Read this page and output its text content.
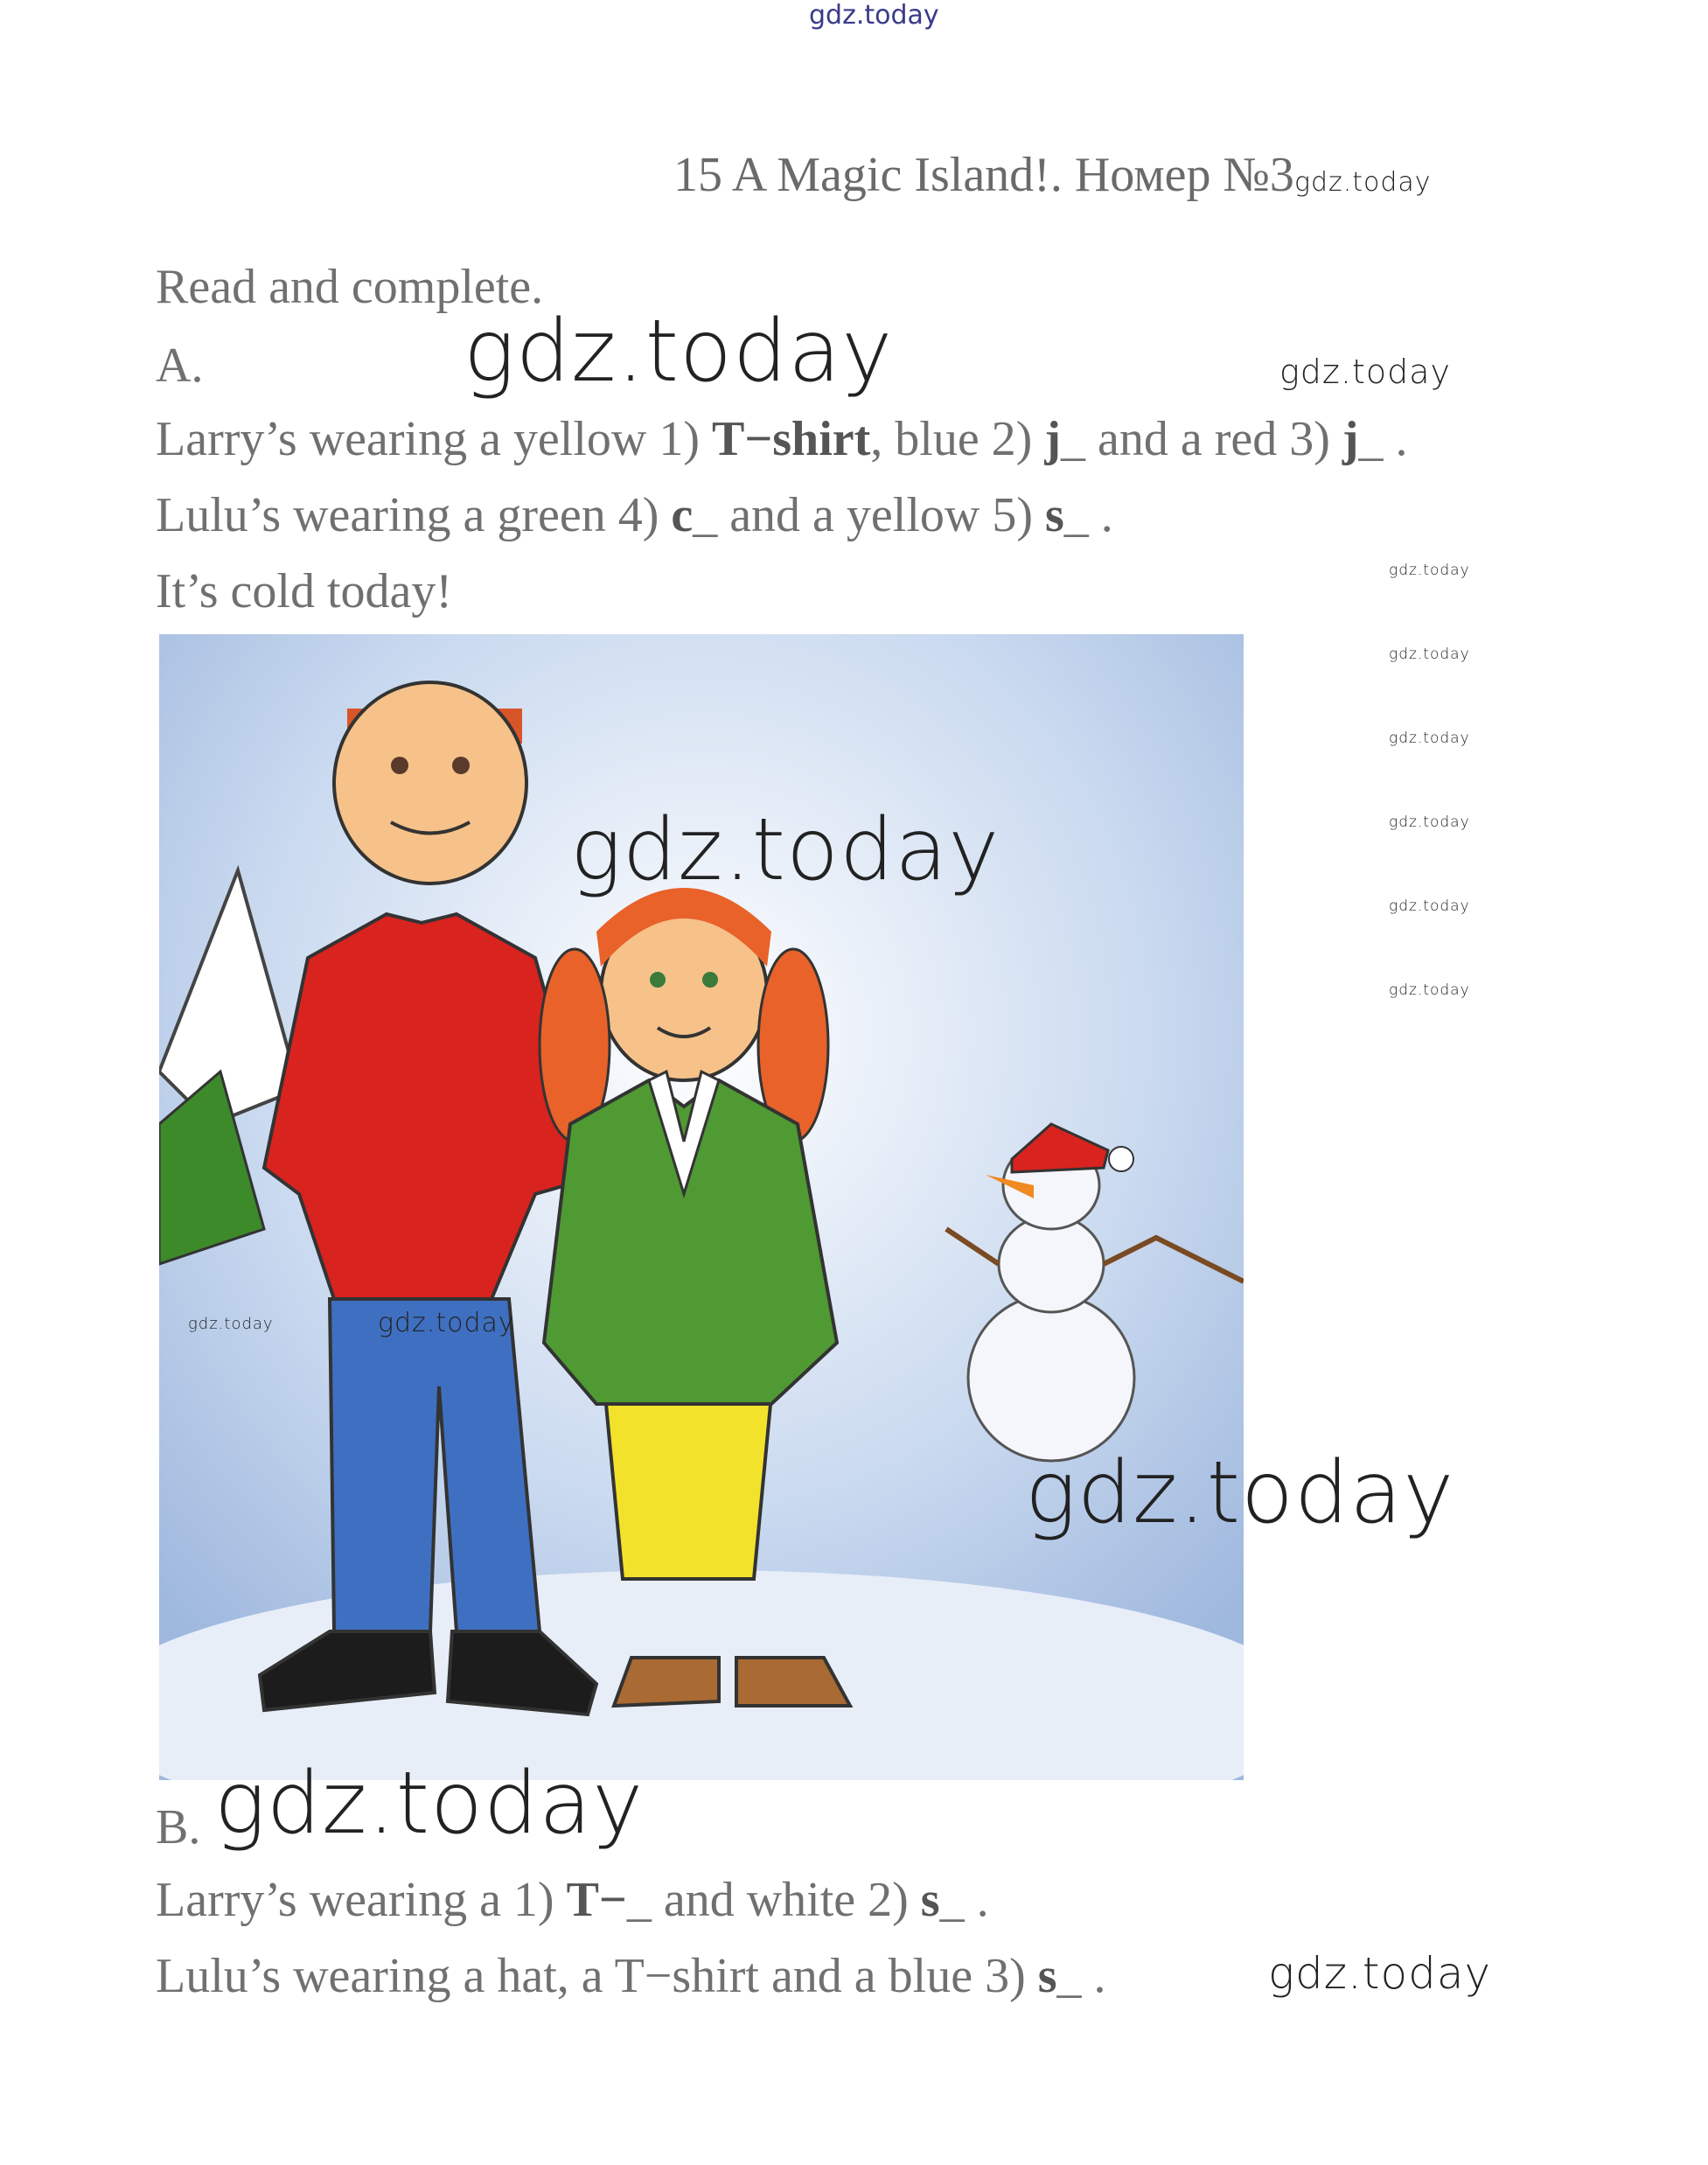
gdz.today
15 A Magic Island!. Номер №3gdz.today
Read and complete.
A.	gdz.today	gdz.today
Larry’s wearing a yellow 1) T−shirt, blue 2) j_ and a red 3) j_ .
Lulu’s wearing a green 4) c_ and a yellow 5) s_ .
It’s cold today!	gdz.today
gdz.today
gdz.today
gdz.today
gdz.today
gdz.today
gdz.today
gdz.today	gdz.today
gdz.today
B. gdz.today
Larry’s wearing a 1) T−_ and white 2) s_ .
Lulu’s wearing a hat, a T−shirt and a blue 3) s_ .	gdz.today
